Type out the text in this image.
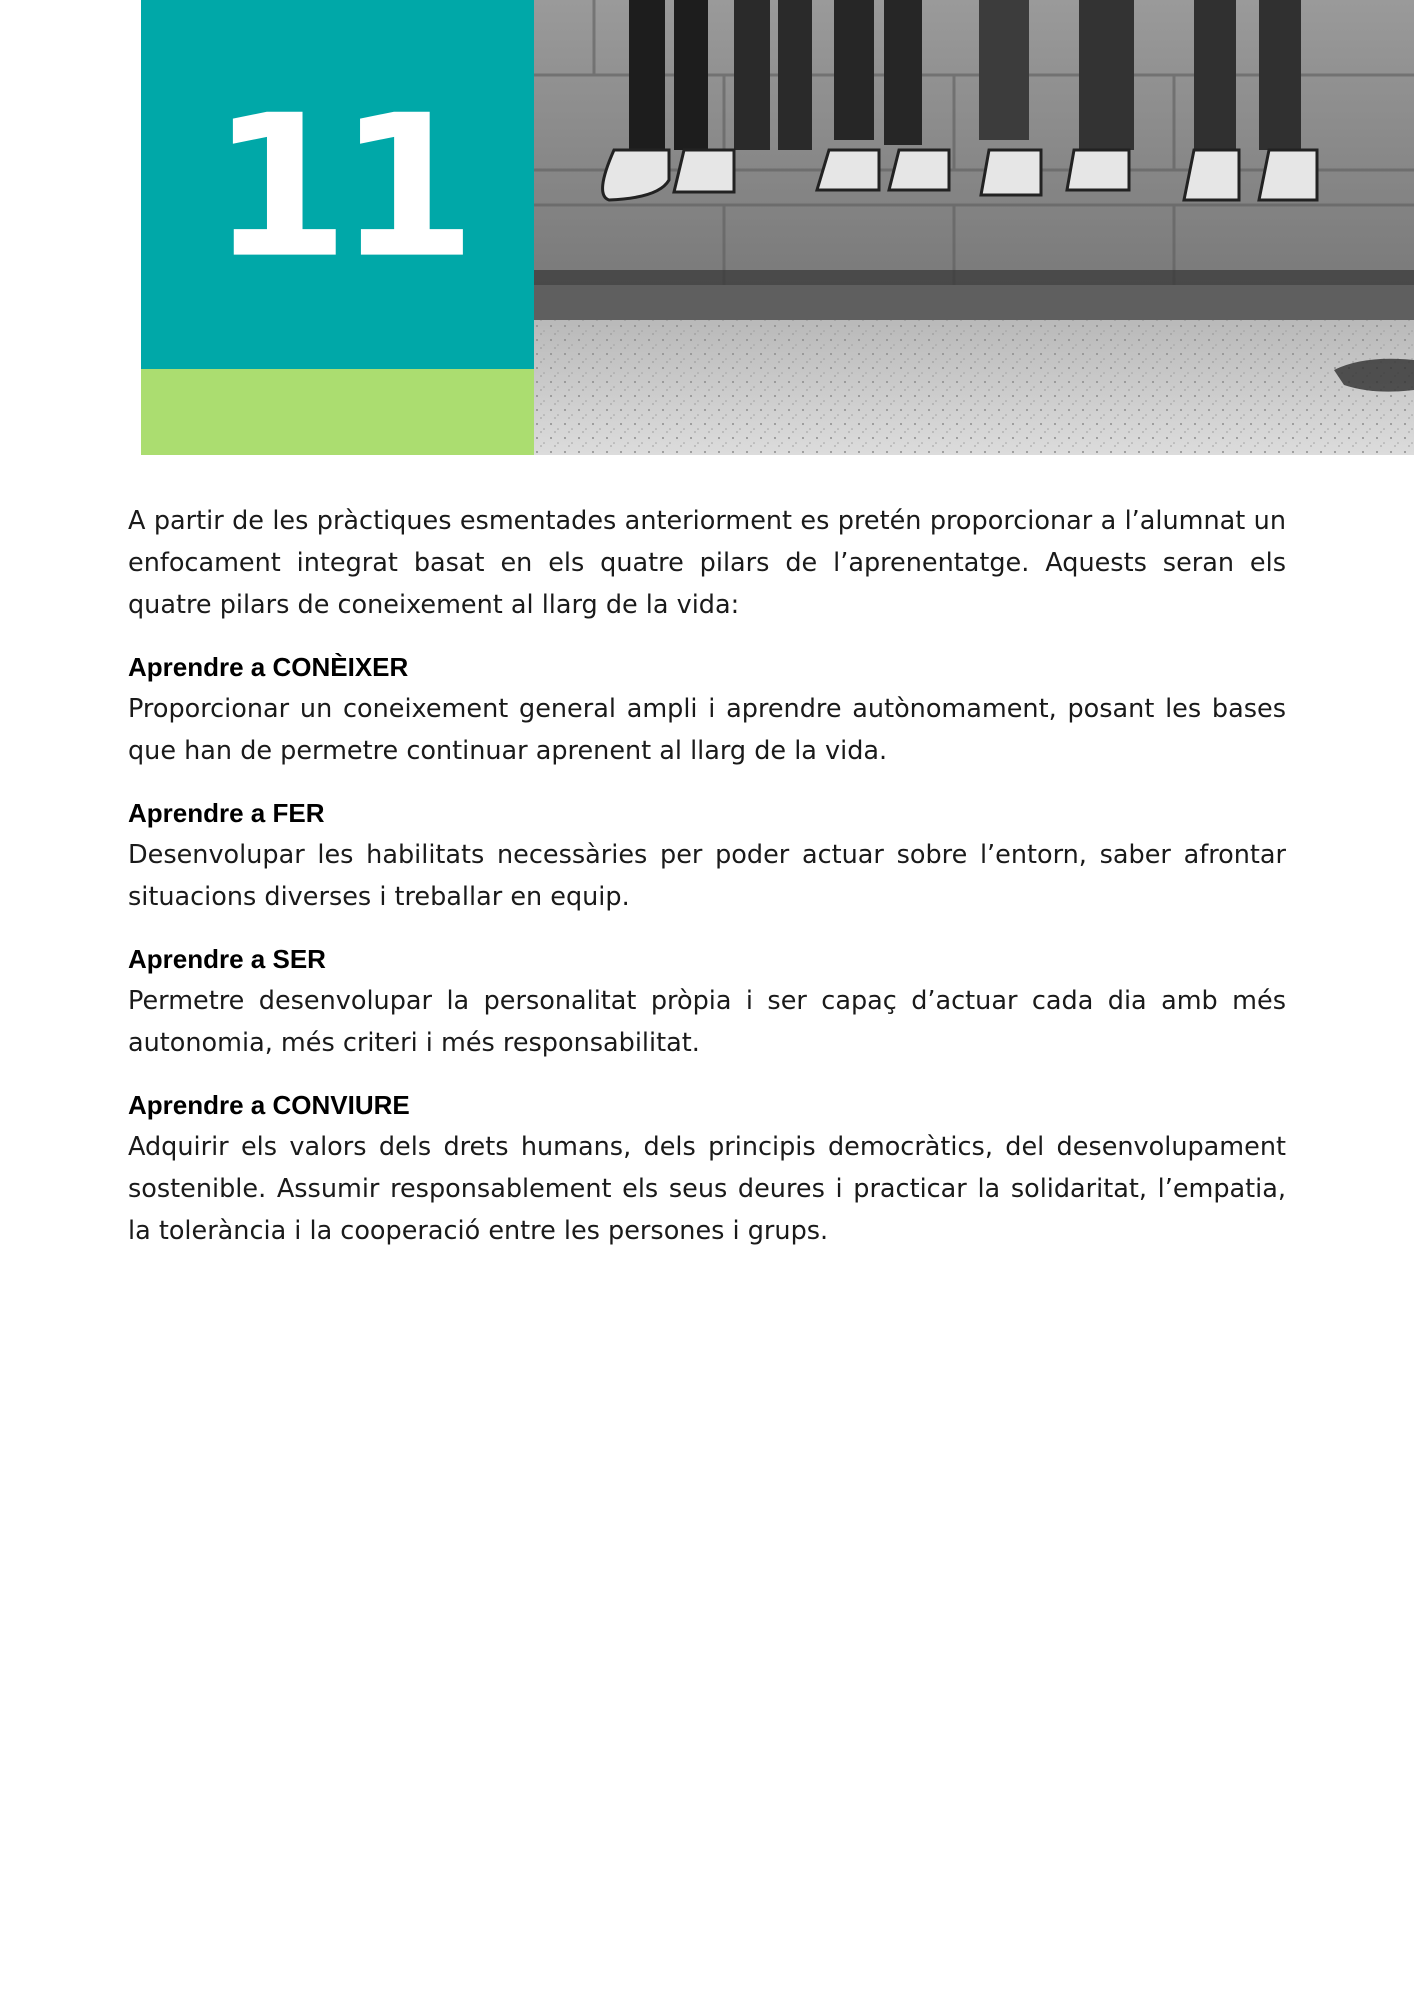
11

A partir de les pràctiques esmentades anteriorment es pretén proporcionar a l’alumnat un enfocament integrat basat en els quatre pilars de l’aprenentatge. Aquests seran els quatre pilars de coneixement al llarg de la vida:

Aprendre a CONÈIXER

Proporcionar un coneixement general ampli i aprendre autònomament, posant les bases que han de permetre continuar aprenent al llarg de la vida.

Aprendre a FER

Desenvolupar les habilitats necessàries per poder actuar sobre l’entorn, saber afrontar situacions diverses i treballar en equip.

Aprendre a SER

Permetre desenvolupar la personalitat pròpia i ser capaç d’actuar cada dia amb més autonomia, més criteri i més responsabilitat.

Aprendre a CONVIURE

Adquirir els valors dels drets humans, dels principis democràtics, del desenvolupament sostenible. Assumir responsablement els seus deures i practicar la solidaritat, l’empatia, la tolerància i la cooperació entre les persones i grups.
